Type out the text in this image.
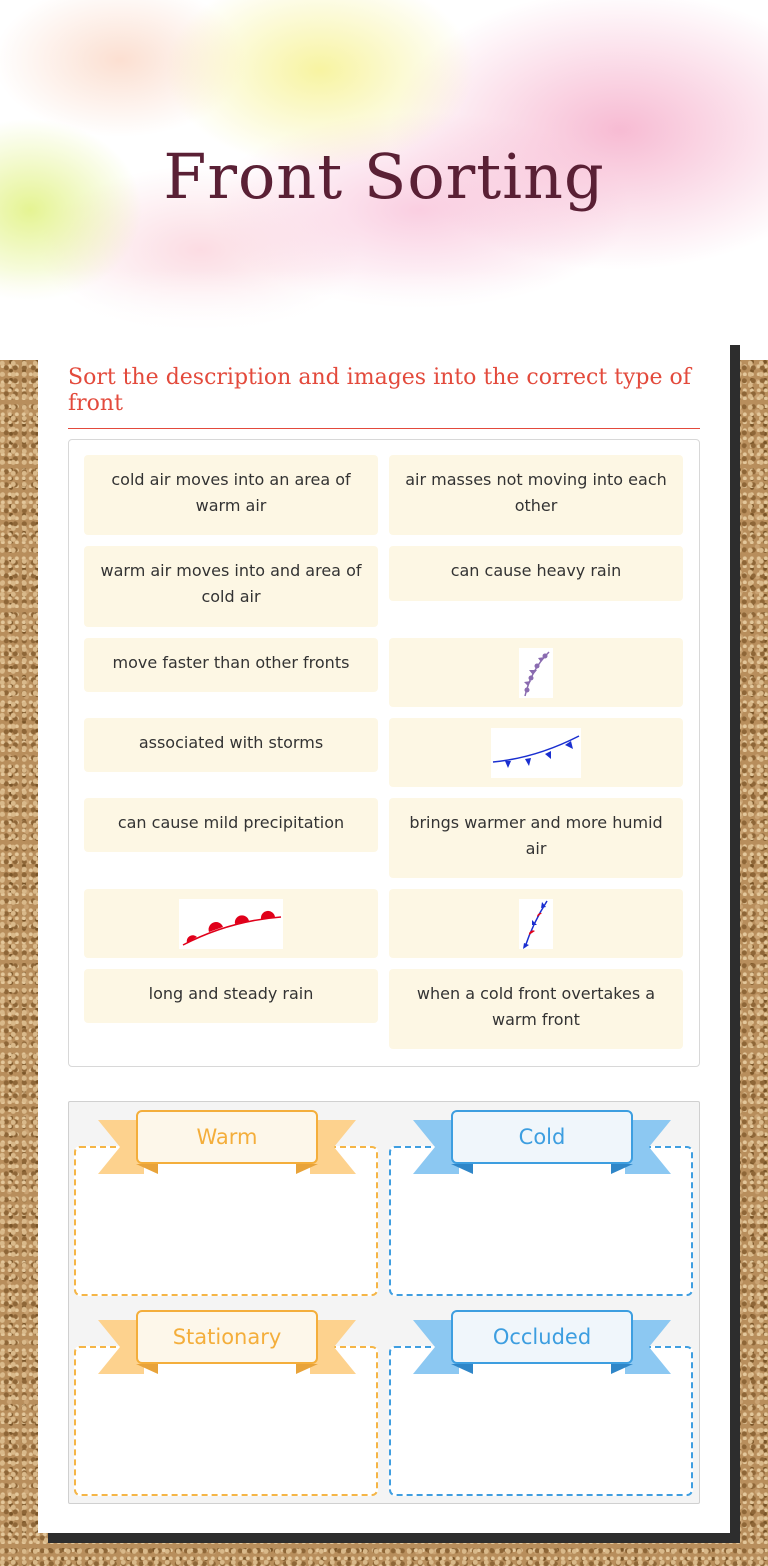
Front Sorting

Sort the description and images into the correct type of front

cold air moves into an area of warm air
air masses not moving into each other
warm air moves into and area of cold air
can cause heavy rain
move faster than other fronts
associated with storms
can cause mild precipitation	brings warmer and more humid air
long and steady rain	when a cold front overtakes a warm front
Warm	Cold
Stationary	Occluded
